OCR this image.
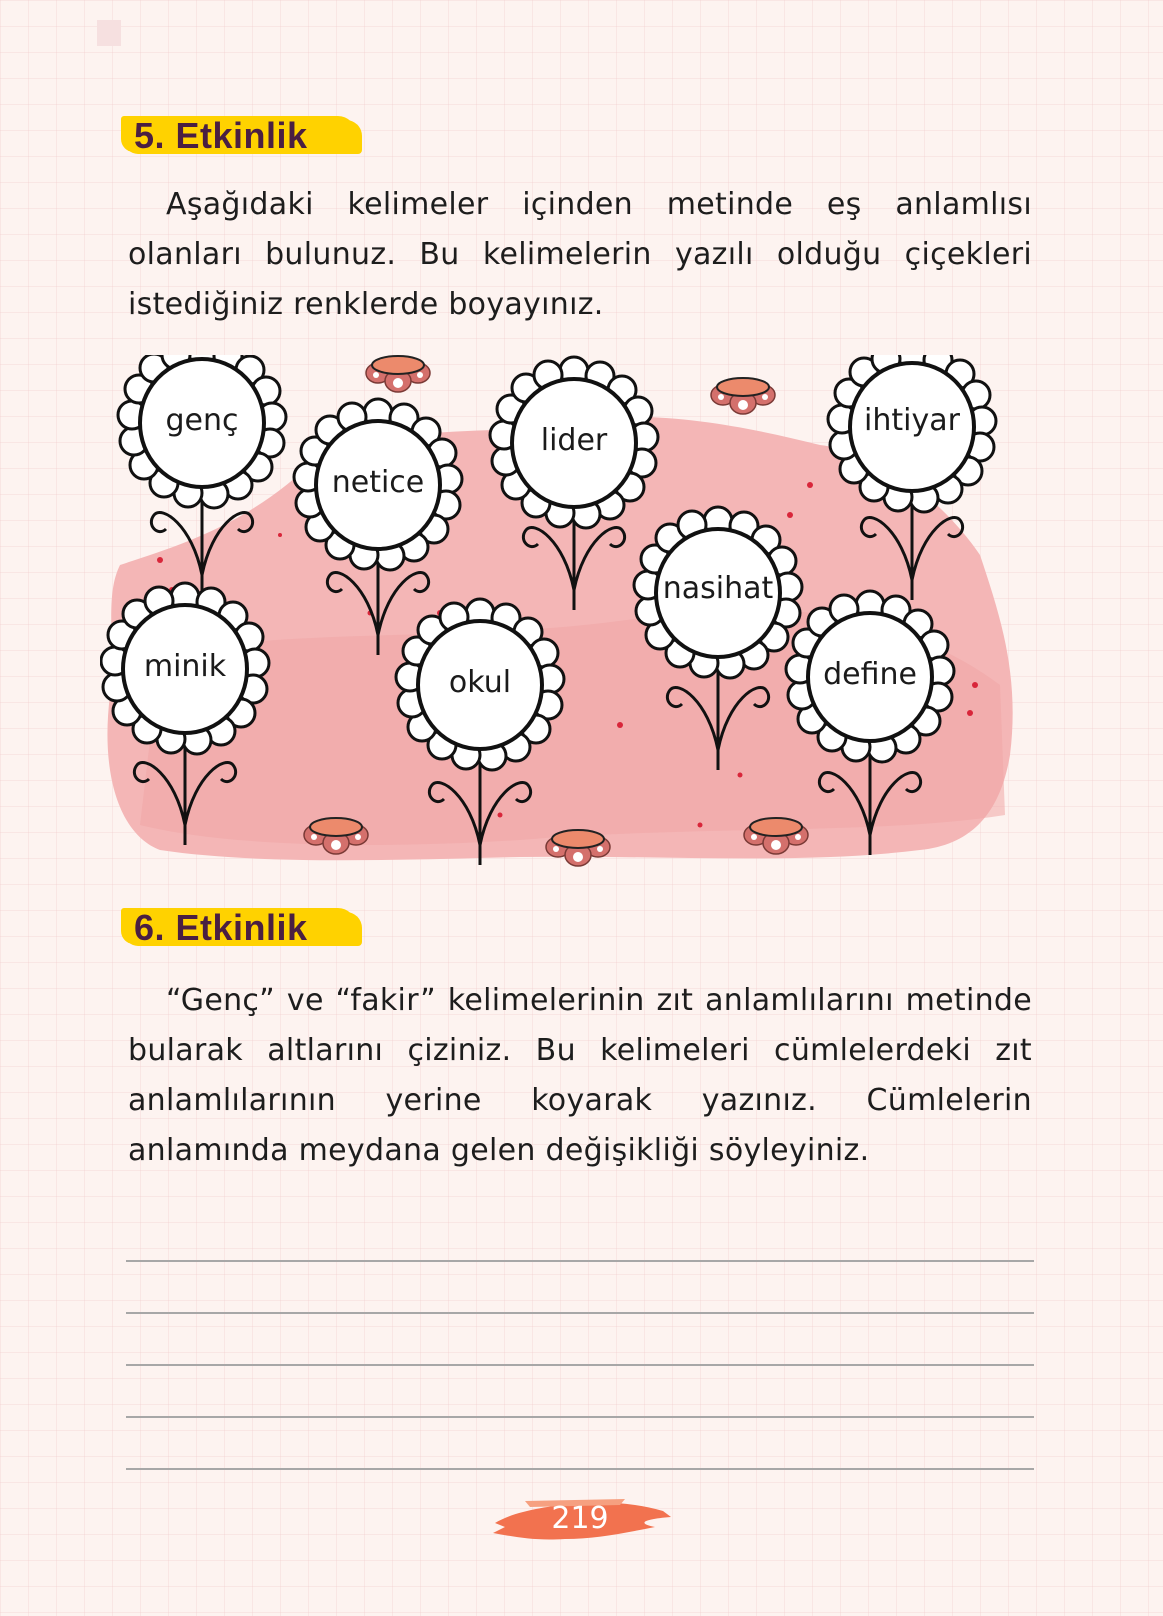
5. Etkinlik
Aşağıdaki kelimeler içinden metinde eş anlamlısı olanları bulunuz. Bu kelimelerin yazılı olduğu çiçekleri istediğiniz renklerde boyayınız.
genç
netice
lider
ihtiyar
nasihat
minik	okul	define
6. Etkinlik
“Genç” ve “fakir” kelimelerinin zıt anlamlılarını metinde bularak altlarını çiziniz. Bu kelimeleri cümlelerdeki zıt anlamlılarının yerine koyarak yazınız. Cümlelerin anlamında meydana gelen değişikliği söyleyiniz.
219
